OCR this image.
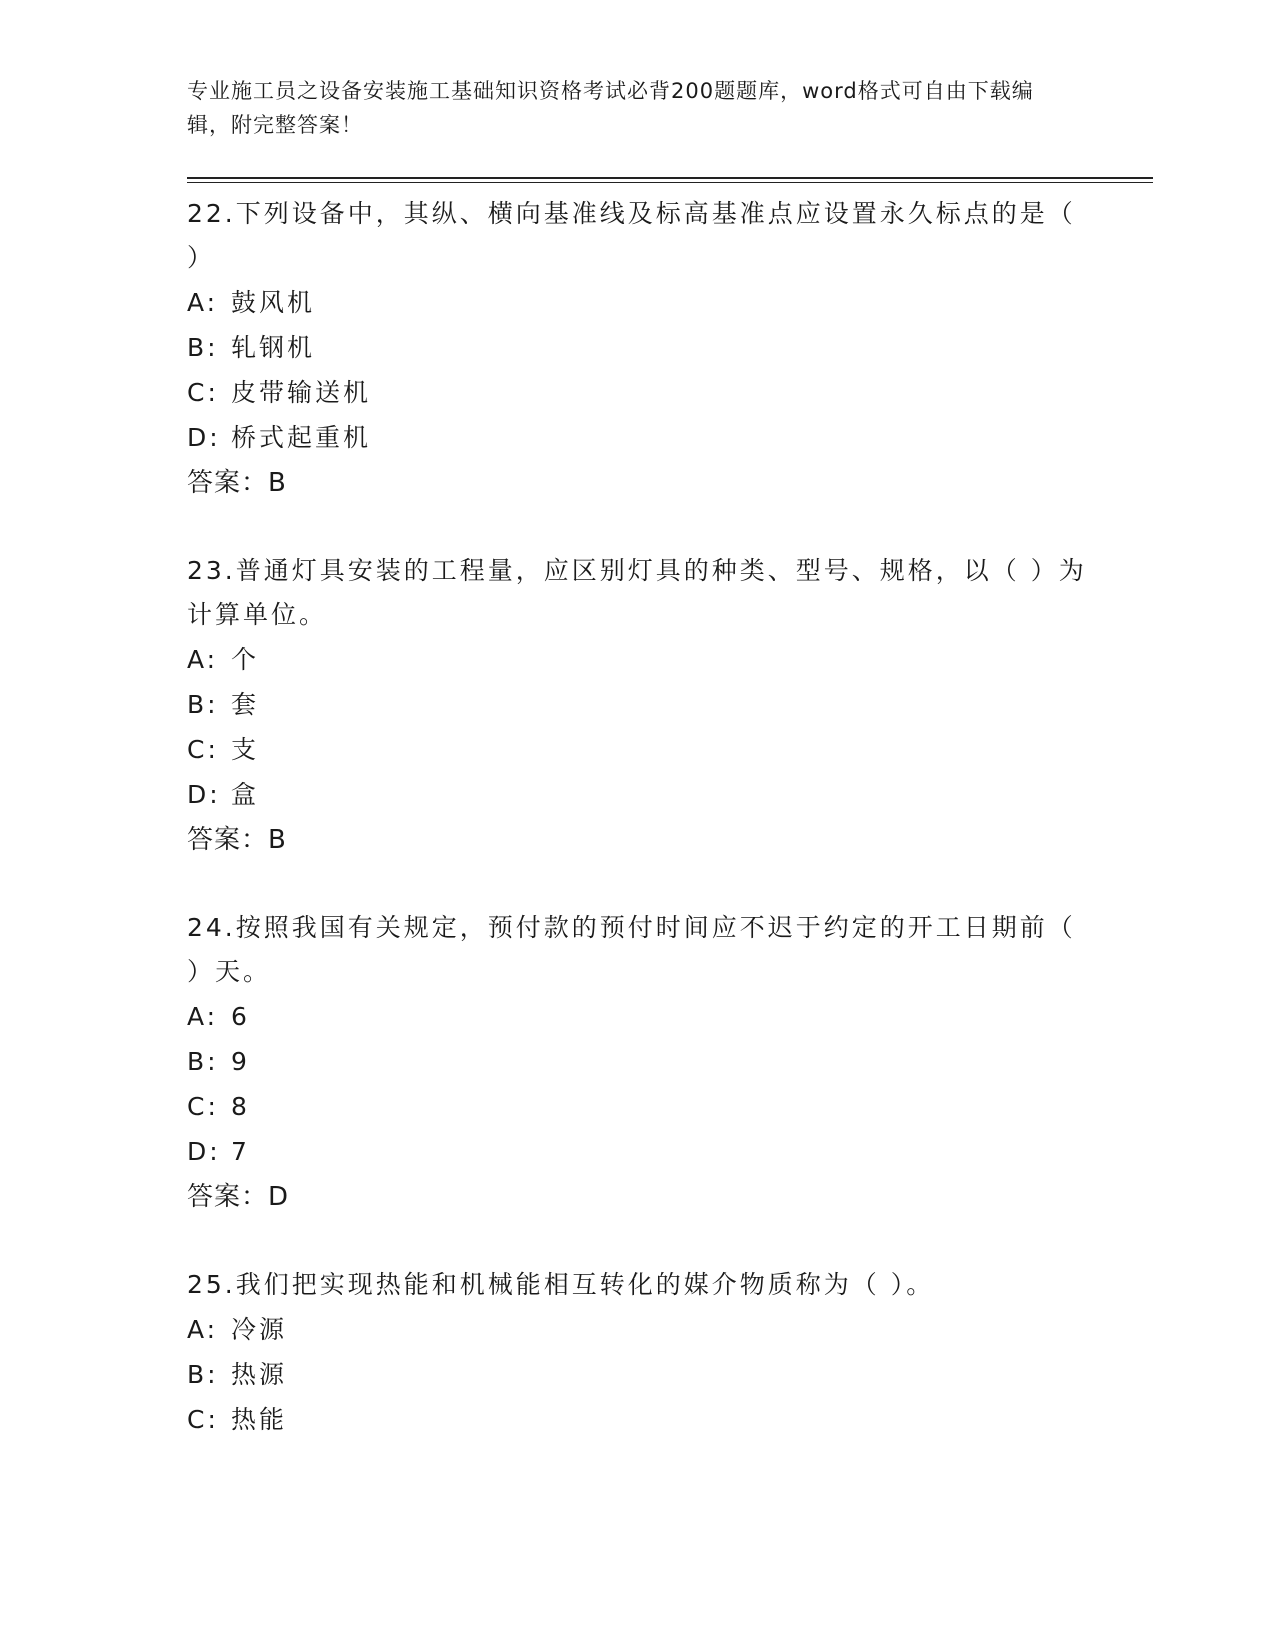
专业施工员之设备安装施工基础知识资格考试必背200题题库，word格式可自由下载编辑，附完整答案！

22.下列设备中，其纵、横向基准线及标高基准点应设置永久标点的是（ ）

A: 鼓风机

B: 轧钢机

C: 皮带输送机

D: 桥式起重机

答案：B

23.普通灯具安装的工程量，应区别灯具的种类、型号、规格，以（ ）为计算单位。

A: 个

B: 套

C: 支

D: 盒

答案：B

24.按照我国有关规定，预付款的预付时间应不迟于约定的开工日期前（ ）天。

A: 6

B: 9

C: 8

D: 7

答案：D

25.我们把实现热能和机械能相互转化的媒介物质称为（ ）。

A: 冷源

B: 热源

C: 热能
